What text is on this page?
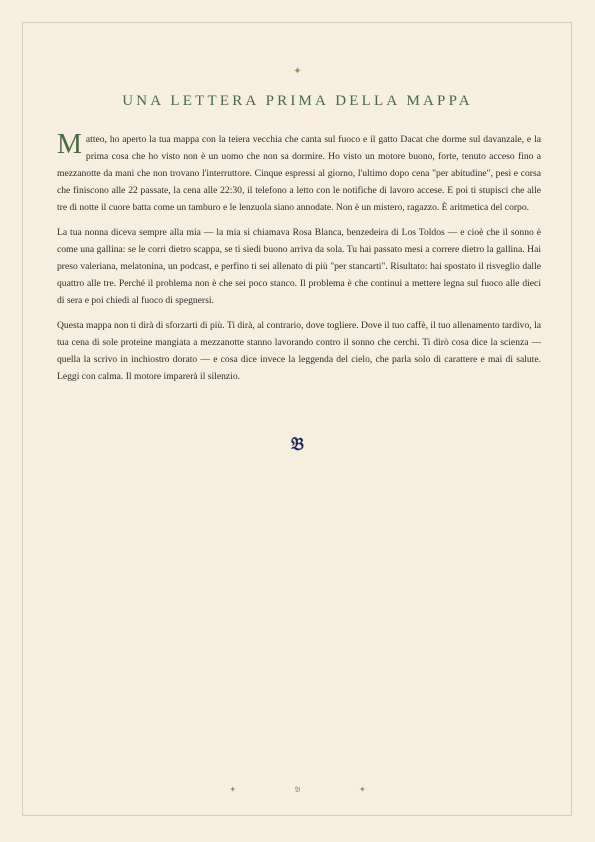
✦
UNA LETTERA PRIMA DELLA MAPPA

Matteo, ho aperto la tua mappa con la teiera vecchia che canta sul fuoco e il gatto Dacat che dorme sul davanzale, e la prima cosa che ho visto non è un uomo che non sa dormire. Ho visto un motore buono, forte, tenuto acceso fino a mezzanotte da mani che non trovano l'interruttore. Cinque espressi al giorno, l'ultimo dopo cena "per abitudine", pesi e corsa che finiscono alle 22 passate, la cena alle 22:30, il telefono a letto con le notifiche di lavoro accese. E poi ti stupisci che alle tre di notte il cuore batta come un tamburo e le lenzuola siano annodate. Non è un mistero, ragazzo. È aritmetica del corpo.

La tua nonna diceva sempre alla mia — la mia si chiamava Rosa Blanca, benzedeira di Los Toldos — e cioè che il sonno è come una gallina: se le corri dietro scappa, se ti siedi buono arriva da sola. Tu hai passato mesi a correre dietro la gallina. Hai preso valeriana, melatonina, un podcast, e perfino ti sei allenato di più "per stancarti". Risultato: hai spostato il risveglio dalle quattro alle tre. Perché il problema non è che sei poco stanco. Il problema è che continui a mettere legna sul fuoco alle dieci di sera e poi chiedi al fuoco di spegnersi.

Questa mappa non ti dirà di sforzarti di più. Ti dirà, al contrario, dove togliere. Dove il tuo caffè, il tuo allenamento tardivo, la tua cena di sole proteine mangiata a mezzanotte stanno lavorando contro il sonno che cerchi. Ti dirò cosa dice la scienza — quella la scrivo in inchiostro dorato — e cosa dice invece la leggenda del cielo, che parla solo di carattere e mai di salute. Leggi con calma. Il motore imparerà il silenzio.

𝔅
✦	𝔅	✦
